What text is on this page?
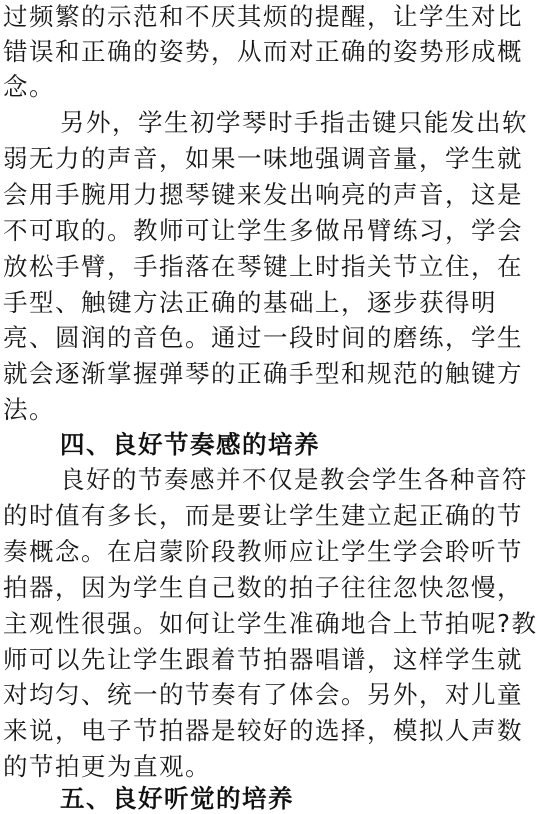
过频繁的示范和不厌其烦的提醒，让学生对比
错误和正确的姿势，从而对正确的姿势形成概
念。
另外，学生初学琴时手指击键只能发出软
弱无力的声音，如果一味地强调音量，学生就
会用手腕用力摁琴键来发出响亮的声音，这是
不可取的。教师可让学生多做吊臂练习，学会
放松手臂，手指落在琴键上时指关节立住，在
手型、触键方法正确的基础上，逐步获得明
亮、圆润的音色。通过一段时间的磨练，学生
就会逐渐掌握弹琴的正确手型和规范的触键方
法。
四、良好节奏感的培养
良好的节奏感并不仅是教会学生各种音符
的时值有多长，而是要让学生建立起正确的节
奏概念。在启蒙阶段教师应让学生学会聆听节
拍器，因为学生自己数的拍子往往忽快忽慢，
主观性很强。如何让学生准确地合上节拍呢?教
师可以先让学生跟着节拍器唱谱，这样学生就
对均匀、统一的节奏有了体会。另外，对儿童
来说，电子节拍器是较好的选择，模拟人声数
的节拍更为直观。
五、良好听觉的培养
